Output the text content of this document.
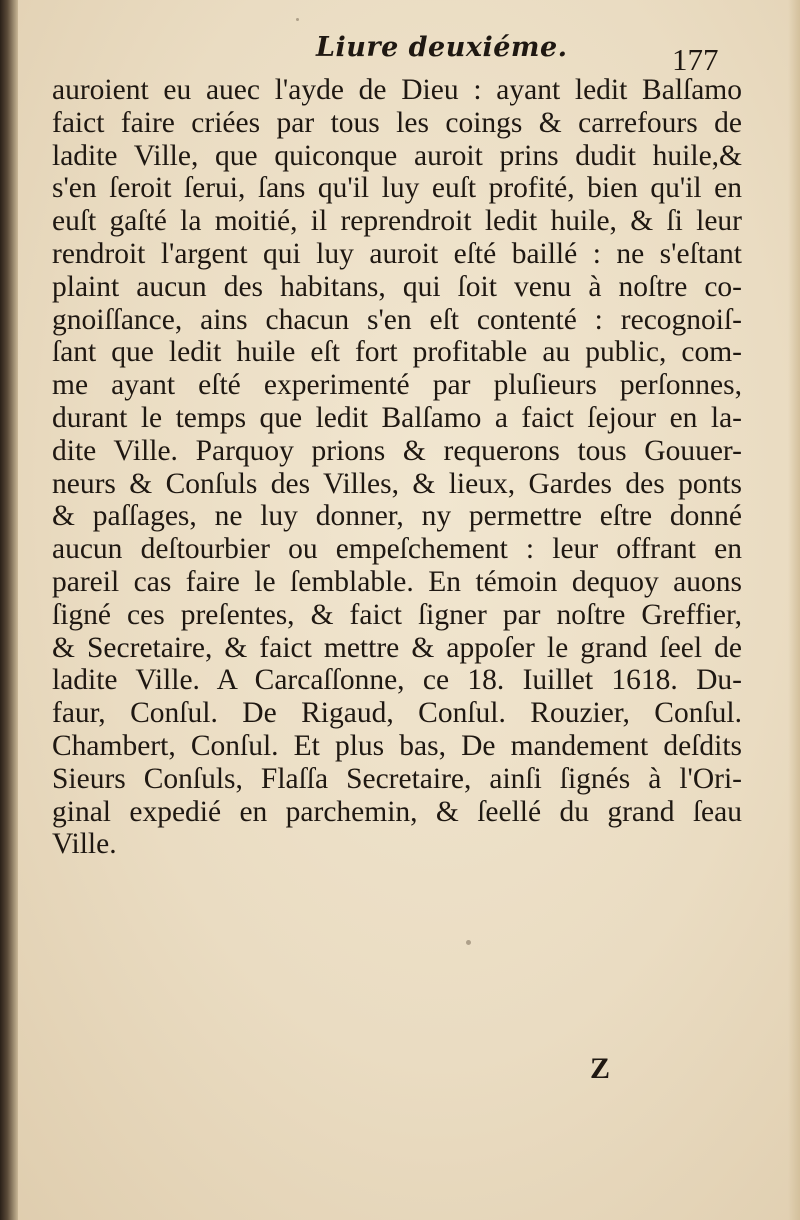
Liure deuxiéme.	177
auroient eu auec l'ayde de Dieu : ayant ledit Balſamo
faict faire criées par tous les coings & carrefours de
ladite Ville, que quiconque auroit prins dudit huile,&
s'en ſeroit ſerui, ſans qu'il luy euſt profité, bien qu'il en
euſt gaſté la moitié, il reprendroit ledit huile, & ſi leur
rendroit l'argent qui luy auroit eſté baillé : ne s'eſtant
plaint aucun des habitans, qui ſoit venu à noſtre co-
gnoiſſance, ains chacun s'en eſt contenté : recognoiſ-
ſant que ledit huile eſt fort profitable au public, com-
me ayant eſté experimenté par pluſieurs perſonnes,
durant le temps que ledit Balſamo a faict ſejour en la-
dite Ville. Parquoy prions & requerons tous Gouuer-
neurs & Conſuls des Villes, & lieux, Gardes des ponts
& paſſages, ne luy donner, ny permettre eſtre donné
aucun deſtourbier ou empeſchement : leur offrant en
pareil cas faire le ſemblable. En témoin dequoy auons
ſigné ces preſentes, & faict ſigner par noſtre Greffier,
& Secretaire, & faict mettre & appoſer le grand ſeel de
ladite Ville. A Carcaſſonne, ce 18. Iuillet 1618. Du-
faur, Conſul. De Rigaud, Conſul. Rouzier, Conſul.
Chambert, Conſul. Et plus bas, De mandement deſdits
Sieurs Conſuls, Flaſſa Secretaire, ainſi ſignés à l'Ori-
ginal expedié en parchemin, & ſeellé du grand ſeau
Ville.
Z
